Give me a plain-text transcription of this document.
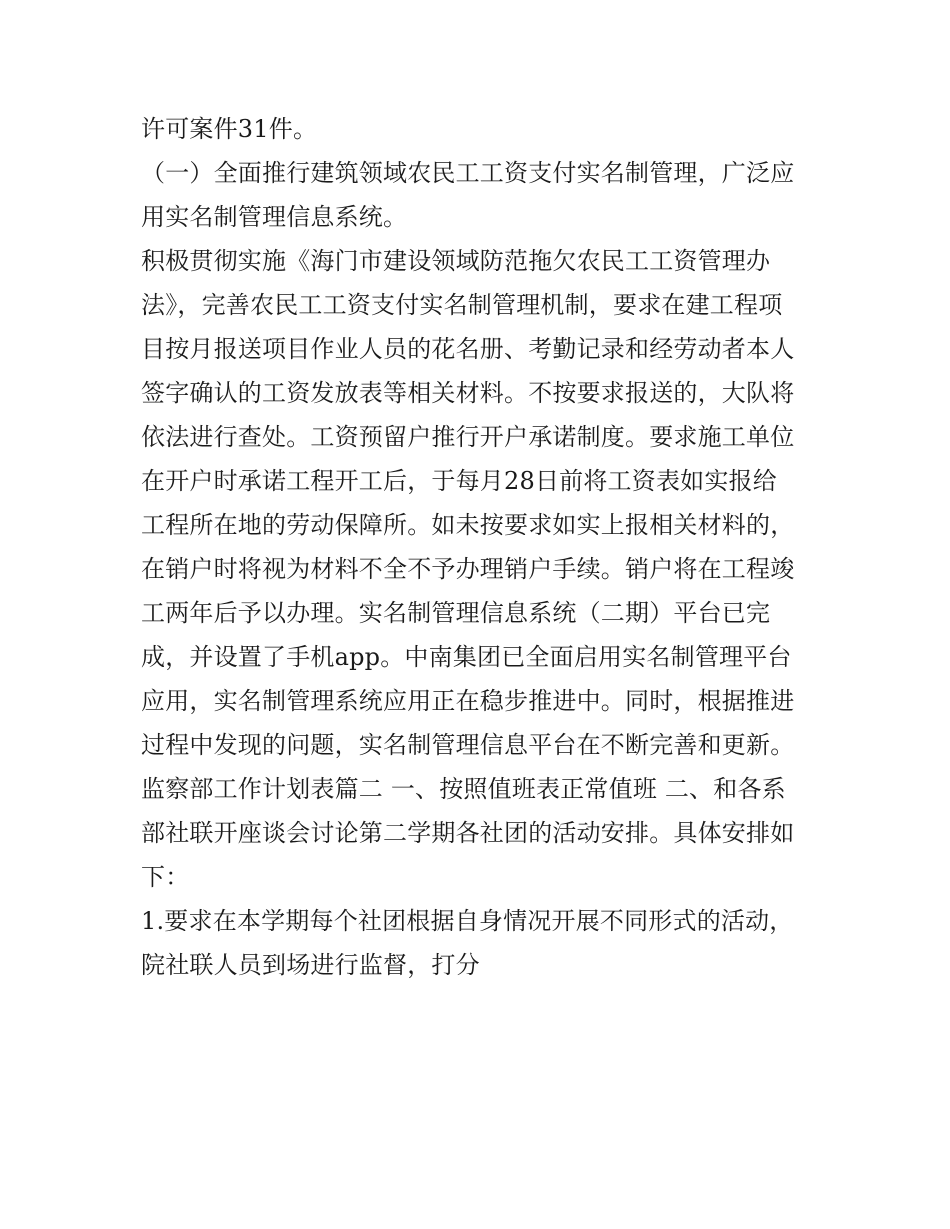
许可案件31件。
（一）全面推行建筑领域农民工工资支付实名制管理，广泛应
用实名制管理信息系统。
积极贯彻实施《海门市建设领域防范拖欠农民工工资管理办
法》，完善农民工工资支付实名制管理机制，要求在建工程项
目按月报送项目作业人员的花名册、考勤记录和经劳动者本人
签字确认的工资发放表等相关材料。不按要求报送的，大队将
依法进行查处。工资预留户推行开户承诺制度。要求施工单位
在开户时承诺工程开工后，于每月28日前将工资表如实报给
工程所在地的劳动保障所。如未按要求如实上报相关材料的，
在销户时将视为材料不全不予办理销户手续。销户将在工程竣
工两年后予以办理。实名制管理信息系统（二期）平台已完
成，并设置了手机app。中南集团已全面启用实名制管理平台
应用，实名制管理系统应用正在稳步推进中。同时，根据推进
过程中发现的问题，实名制管理信息平台在不断完善和更新。
监察部工作计划表篇二 一、按照值班表正常值班 二、和各系
部社联开座谈会讨论第二学期各社团的活动安排。具体安排如
下：
1.要求在本学期每个社团根据自身情况开展不同形式的活动，
院社联人员到场进行监督，打分
